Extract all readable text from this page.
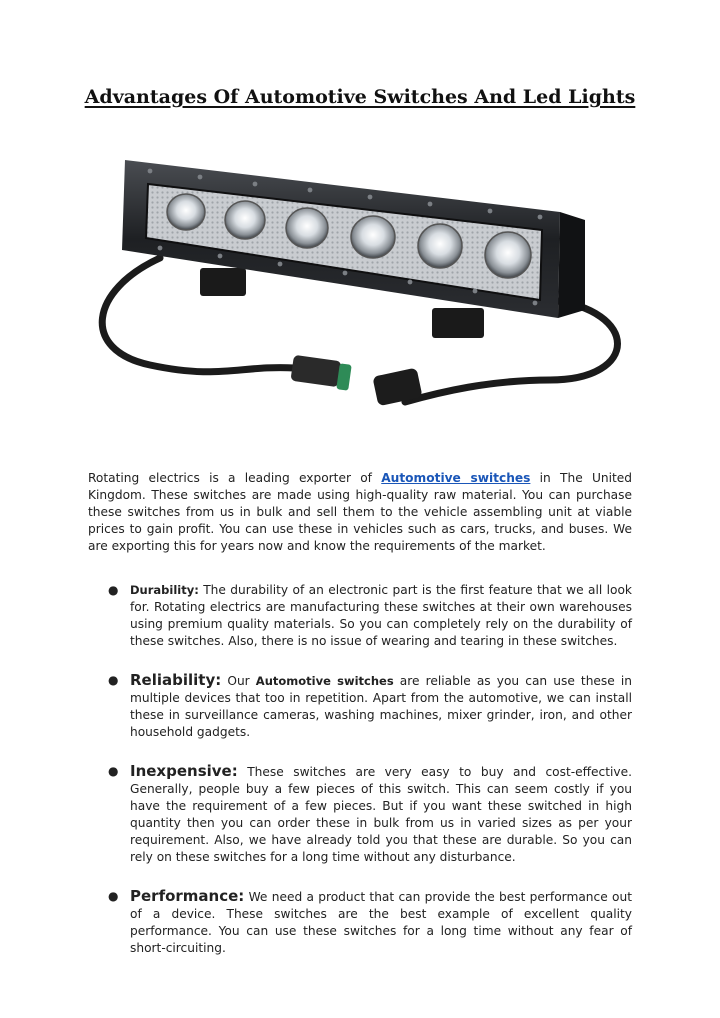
Advantages Of Automotive Switches And Led Lights

Rotating electrics is a leading exporter of Automotive switches in The United Kingdom. These switches are made using high-quality raw material. You can purchase these switches from us in bulk and sell them to the vehicle assembling unit at viable prices to gain profit. You can use these in vehicles such as cars, trucks, and buses. We are exporting this for years now and know the requirements of the market.

● Durability: The durability of an electronic part is the first feature that we all look for. Rotating electrics are manufacturing these switches at their own warehouses using premium quality materials. So you can completely rely on the durability of these switches. Also, there is no issue of wearing and tearing in these switches.
● Reliability: Our Automotive switches are reliable as you can use these in multiple devices that too in repetition. Apart from the automotive, we can install these in surveillance cameras, washing machines, mixer grinder, iron, and other household gadgets.
● Inexpensive: These switches are very easy to buy and cost-effective. Generally, people buy a few pieces of this switch. This can seem costly if you have the requirement of a few pieces. But if you want these switched in high quantity then you can order these in bulk from us in varied sizes as per your requirement. Also, we have already told you that these are durable. So you can rely on these switches for a long time without any disturbance.
● Performance: We need a product that can provide the best performance out of a device. These switches are the best example of excellent quality performance. You can use these switches for a long time without any fear of short-circuiting.
